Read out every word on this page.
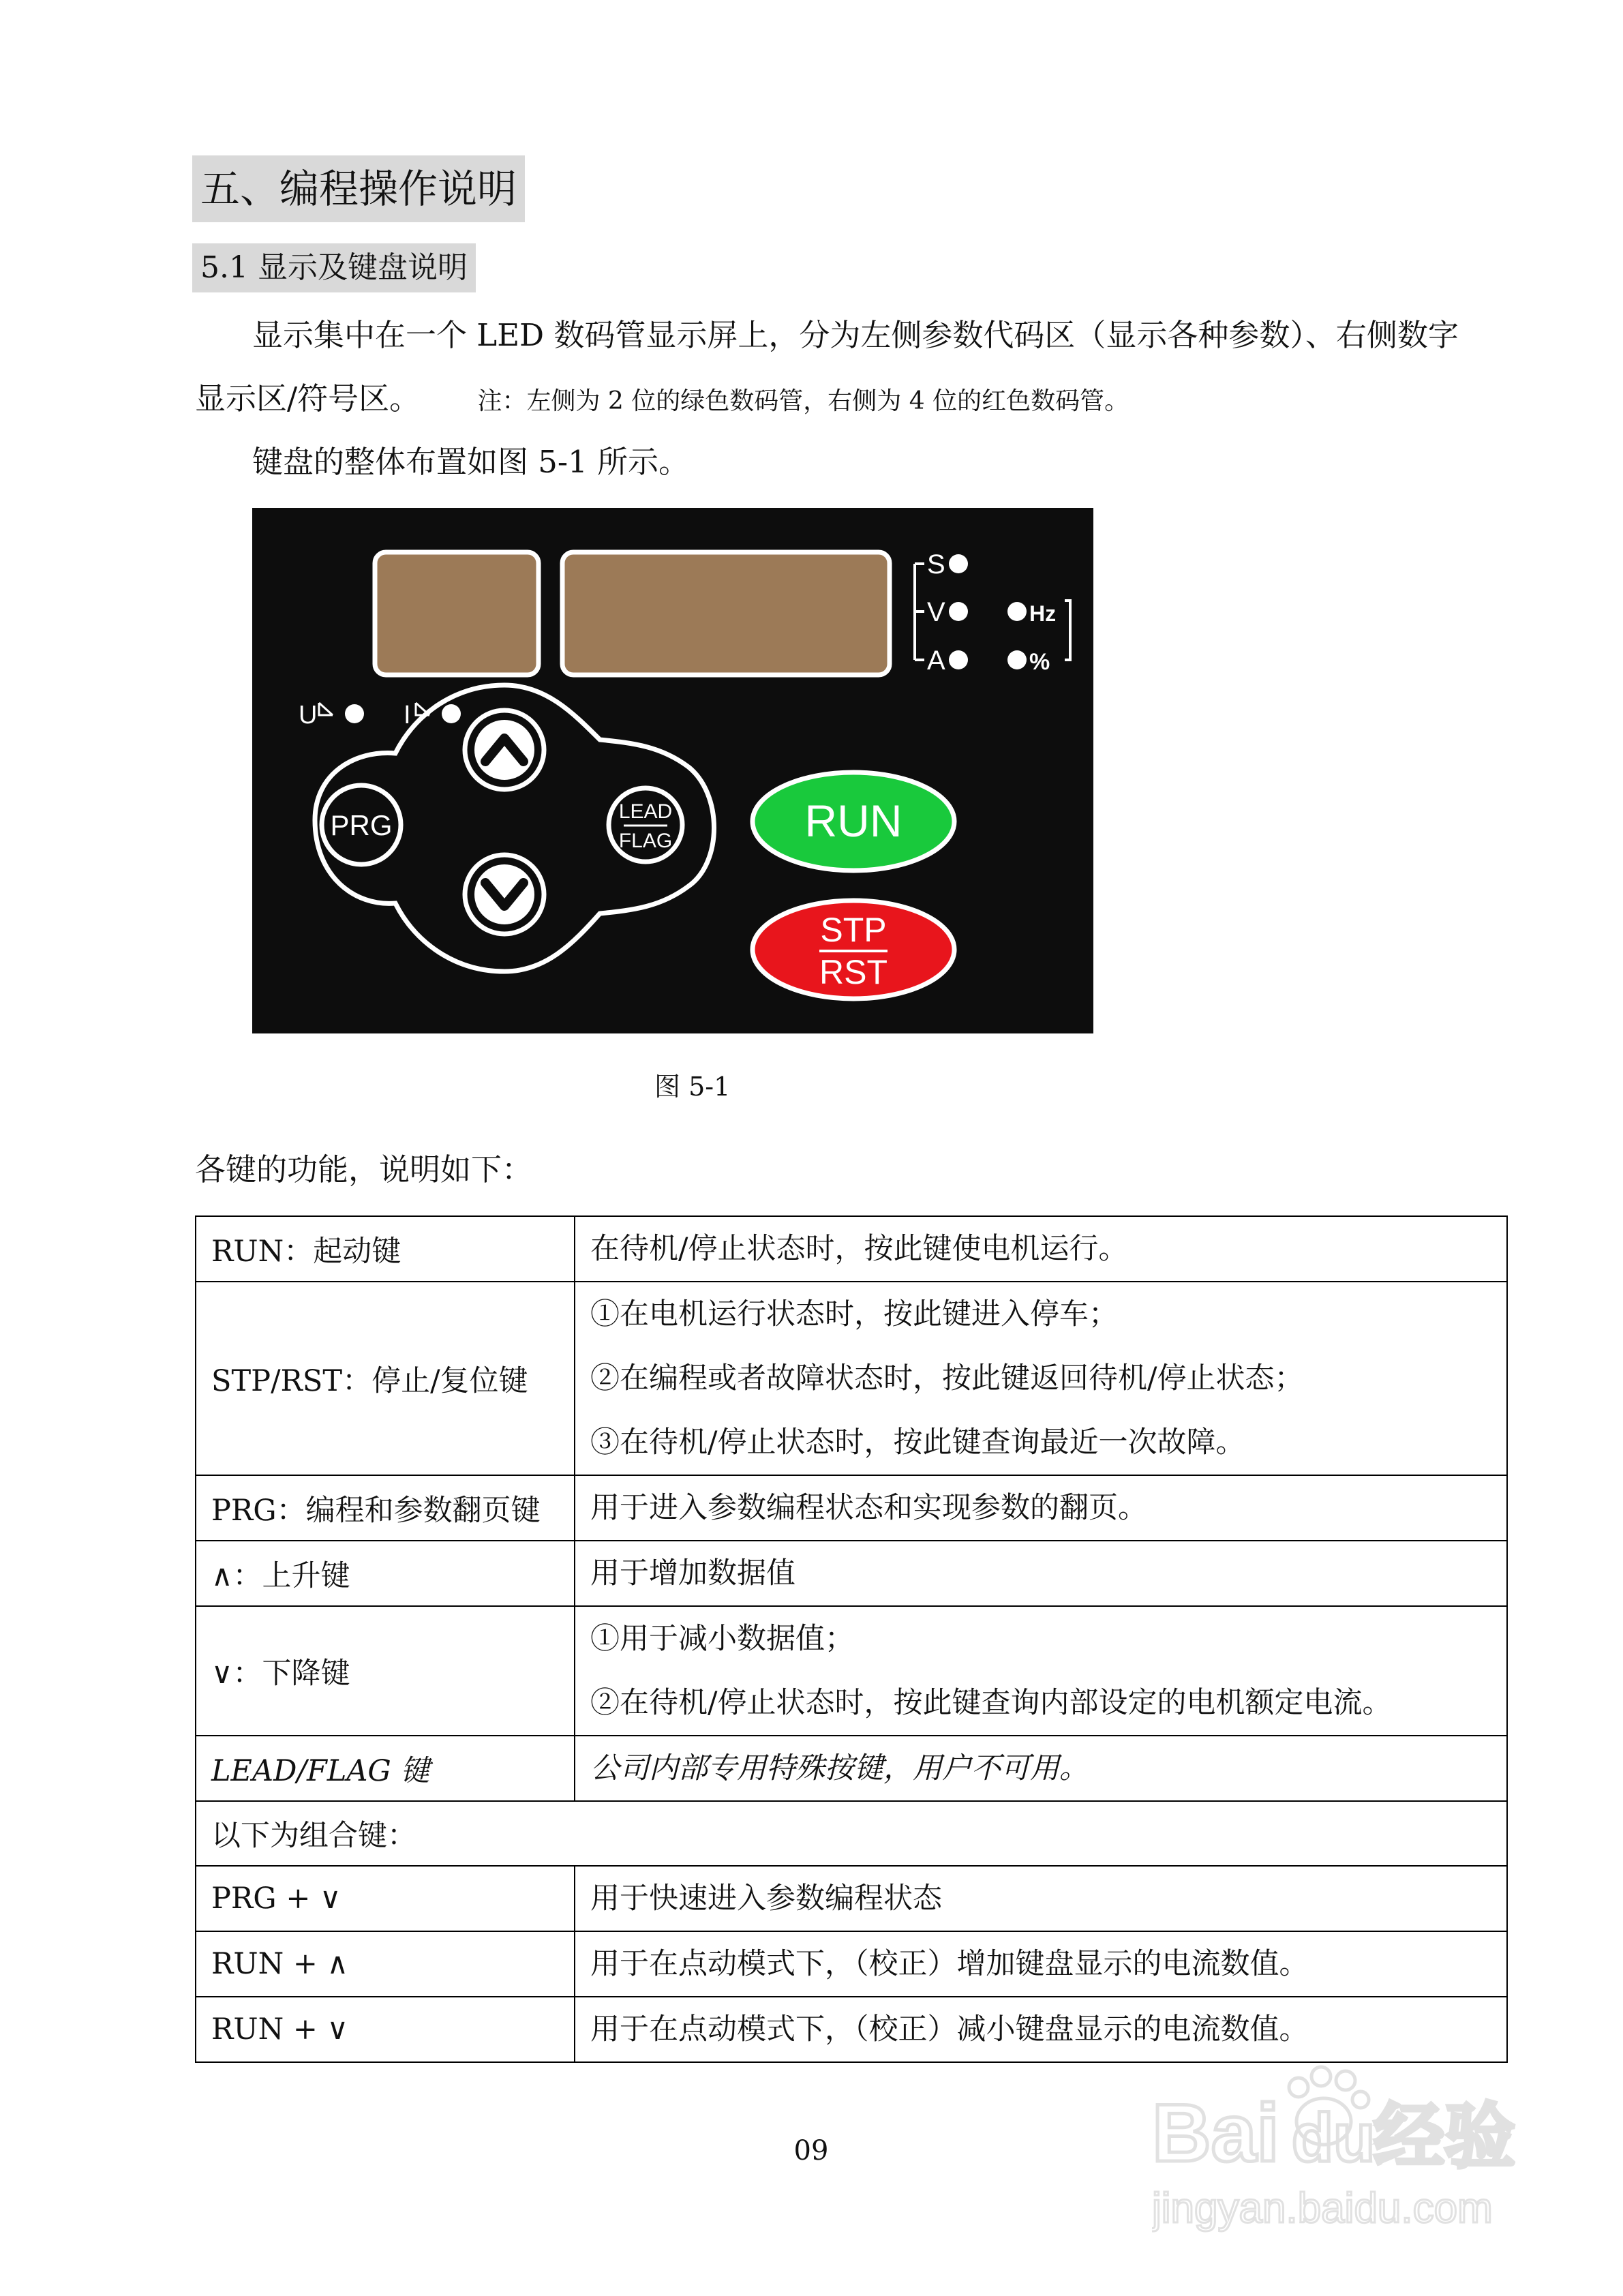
五、编程操作说明
5.1 显示及键盘说明
显示集中在一个 LED 数码管显示屏上，分为左侧参数代码区（显示各种参数）、右侧数字
显示区/符号区。 注：左侧为 2 位的绿色数码管，右侧为 4 位的红色数码管。
键盘的整体布置如图 5-1 所示。
S
V
A
Hz
%
U	I
PRG	LEAD
FLAG	RUN
STP
RST
图 5-1
各键的功能，说明如下：
RUN：起动键	在待机/停止状态时，按此键使电机运行。

STP/RST：停止/复位键	①在电机运行状态时，按此键进入停车；
②在编程或者故障状态时，按此键返回待机/停止状态；
③在待机/停止状态时，按此键查询最近一次故障。

PRG：编程和参数翻页键	用于进入参数编程状态和实现参数的翻页。

∧：上升键	用于增加数据值

∨：下降键	①用于减小数据值；
②在待机/停止状态时，按此键查询内部设定的电机额定电流。

LEAD/FLAG 键	公司内部专用特殊按键，用户不可用。

以下为组合键：	
PRG + ∨	用于快速进入参数编程状态

RUN + ∧	用于在点动模式下，（校正）增加键盘显示的电流数值。

RUN + ∨	用于在点动模式下，（校正）减小键盘显示的电流数值。
09	Bai du
经验
jingyan.baidu.com
